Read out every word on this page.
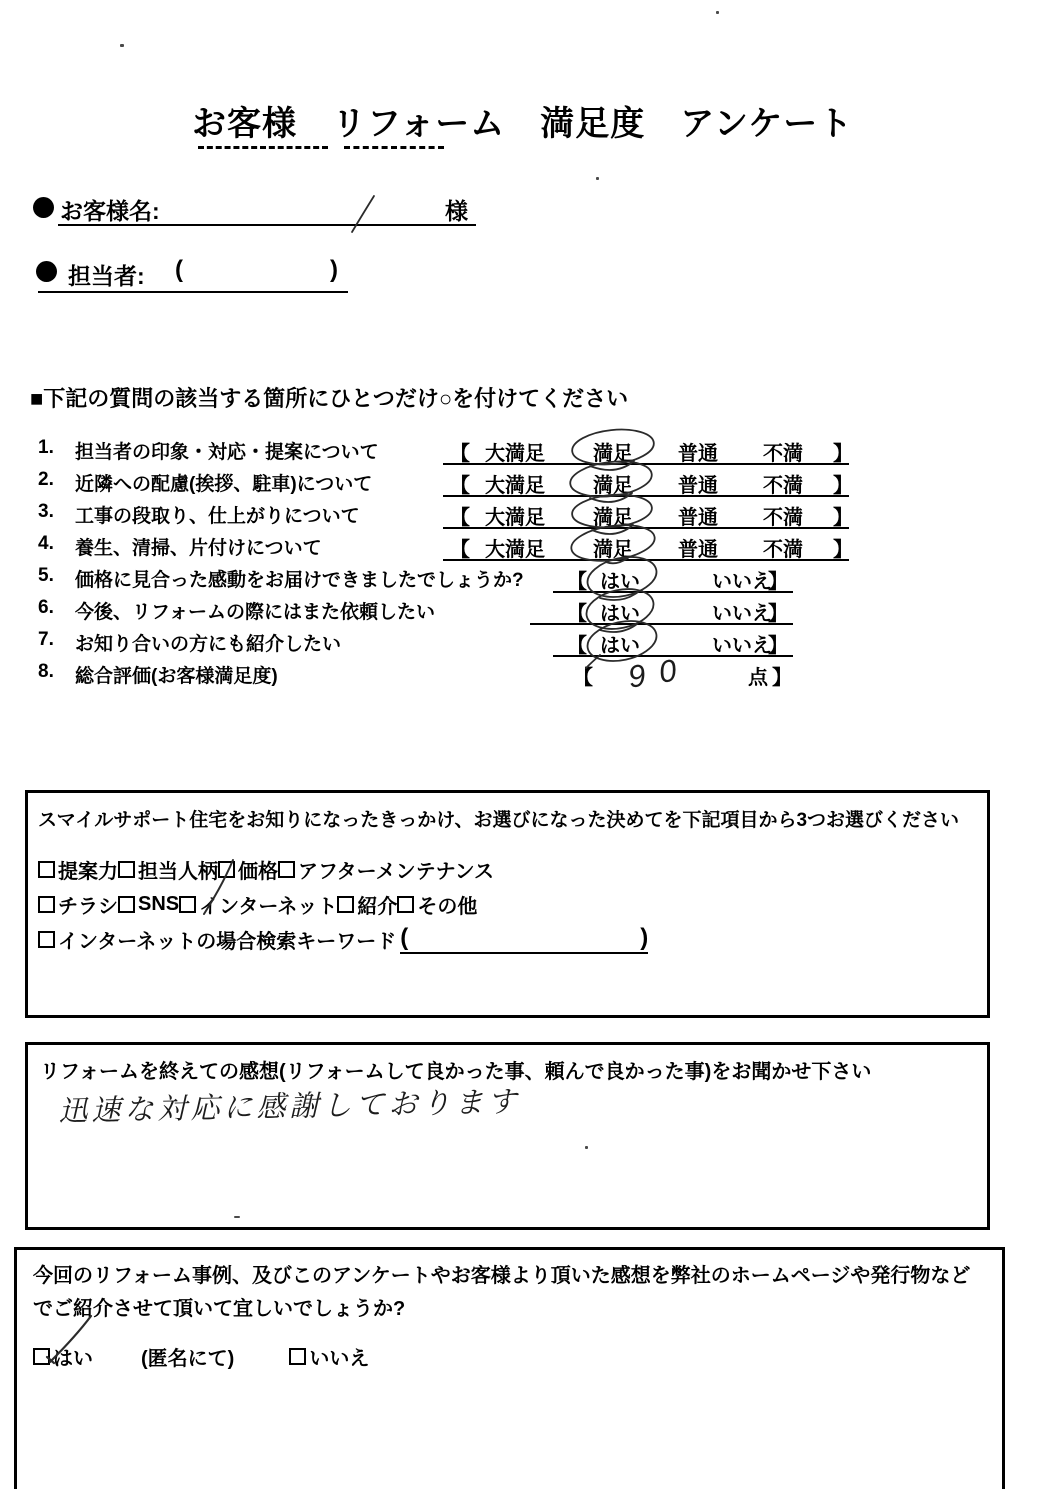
お客様　リフォーム　満足度　アンケート
お客様名:	様
担当者: (	)
■下記の質問の該当する箇所にひとつだけ○を付けてください
1. 担当者の印象・対応・提案について	【 大満足 満足 普通 不満 】
2. 近隣への配慮(挨拶、駐車)について	【 大満足 満足 普通 不満 】
3. 工事の段取り、仕上がりについて	【 大満足 満足 普通 不満 】
4. 養生、清掃、片付けについて	【 大満足 満足 普通 不満 】
5. 価格に見合った感動をお届けできましたでしょうか? 【 はい	いいえ
】
6. 今後、リフォームの際にはまた依頼したい	【 はい	いいえ
】
7. お知り合いの方にも紹介したい	【 はい	いいえ
】
8. 総合評価(お客様満足度)	【 90	点 】
スマイルサポート住宅をお知りになったきっかけ、お選びになった決めてを下記項目から3つお選びください
提案力 担当人柄 価格 アフターメンテナンス
チラシ SNS インターネット 紹介 その他
インターネットの場合検索キーワード (	)
リフォームを終えての感想(リフォームして良かった事、頼んで良かった事)をお聞かせ下さい
迅速な対応に感謝しております
今回のリフォーム事例、及びこのアンケートやお客様より頂いた感想を弊社のホームページや発行物などでご紹介させて頂いて宜しいでしょうか?
はい (匿名にて)	いいえ
